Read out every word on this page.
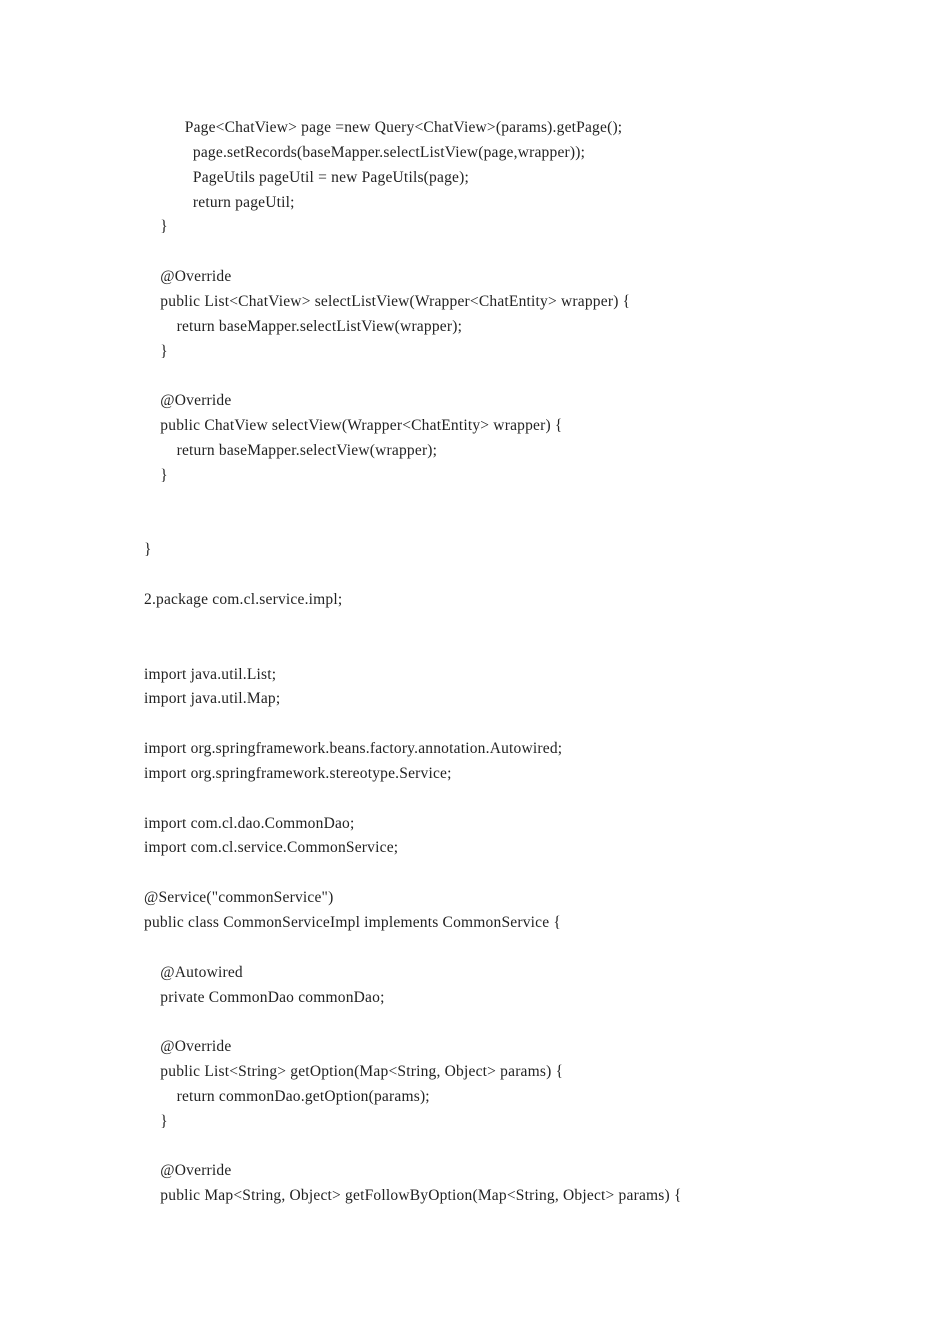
Page<ChatView> page =new Query<ChatView>(params).getPage();
page.setRecords(baseMapper.selectListView(page,wrapper));
PageUtils pageUtil = new PageUtils(page);
return pageUtil;
}
@Override
public List<ChatView> selectListView(Wrapper<ChatEntity> wrapper) {
return baseMapper.selectListView(wrapper);
}
@Override
public ChatView selectView(Wrapper<ChatEntity> wrapper) {
return baseMapper.selectView(wrapper);
}
}
2.package com.cl.service.impl;
import java.util.List;
import java.util.Map;
import org.springframework.beans.factory.annotation.Autowired;
import org.springframework.stereotype.Service;
import com.cl.dao.CommonDao;
import com.cl.service.CommonService;
@Service("commonService")
public class CommonServiceImpl implements CommonService {
@Autowired
private CommonDao commonDao;
@Override
public List<String> getOption(Map<String, Object> params) {
return commonDao.getOption(params);
}
@Override
public Map<String, Object> getFollowByOption(Map<String, Object> params) {
